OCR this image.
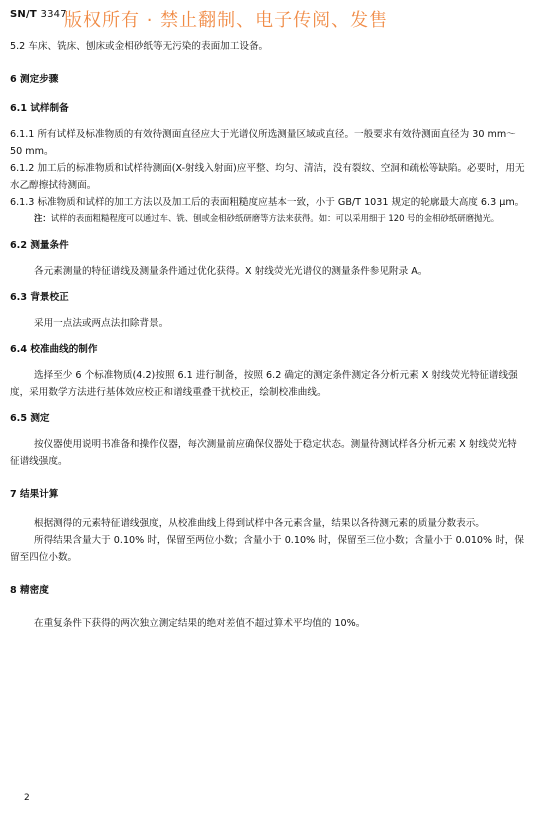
SN/T 3347
版权所有 · 禁止翻制、电子传阅、发售

5.2 车床、铣床、刨床或金相砂纸等无污染的表面加工设备。

6 测定步骤

6.1 试样制备

6.1.1 所有试样及标准物质的有效待测面直径应大于光谱仪所选测量区域或直径。一般要求有效待测面直径为 30 mm～50 mm。

6.1.2 加工后的标准物质和试样待测面(X-射线入射面)应平整、均匀、清洁，没有裂纹、空洞和疏松等缺陷。必要时，用无水乙醇擦拭待测面。

6.1.3 标准物质和试样的加工方法以及加工后的表面粗糙度应基本一致，小于 GB/T 1031 规定的轮廓最大高度 6.3 μm。

注：试样的表面粗糙程度可以通过车、铣、刨或金相砂纸研磨等方法来获得。如：可以采用细于 120 号的金相砂纸研磨抛光。

6.2 测量条件

各元素测量的特征谱线及测量条件通过优化获得。X 射线荧光光谱仪的测量条件参见附录 A。

6.3 背景校正

采用一点法或两点法扣除背景。

6.4 校准曲线的制作

选择至少 6 个标准物质(4.2)按照 6.1 进行制备，按照 6.2 确定的测定条件测定各分析元素 X 射线荧光特征谱线强度，采用数学方法进行基体效应校正和谱线重叠干扰校正，绘制校准曲线。

6.5 测定

按仪器使用说明书准备和操作仪器，每次测量前应确保仪器处于稳定状态。测量待测试样各分析元素 X 射线荧光特征谱线强度。

7 结果计算

根据测得的元素特征谱线强度，从校准曲线上得到试样中各元素含量，结果以各待测元素的质量分数表示。

所得结果含量大于 0.10% 时，保留至两位小数；含量小于 0.10% 时，保留至三位小数；含量小于 0.010% 时，保留至四位小数。

8 精密度

在重复条件下获得的两次独立测定结果的绝对差值不超过算术平均值的 10%。

2
